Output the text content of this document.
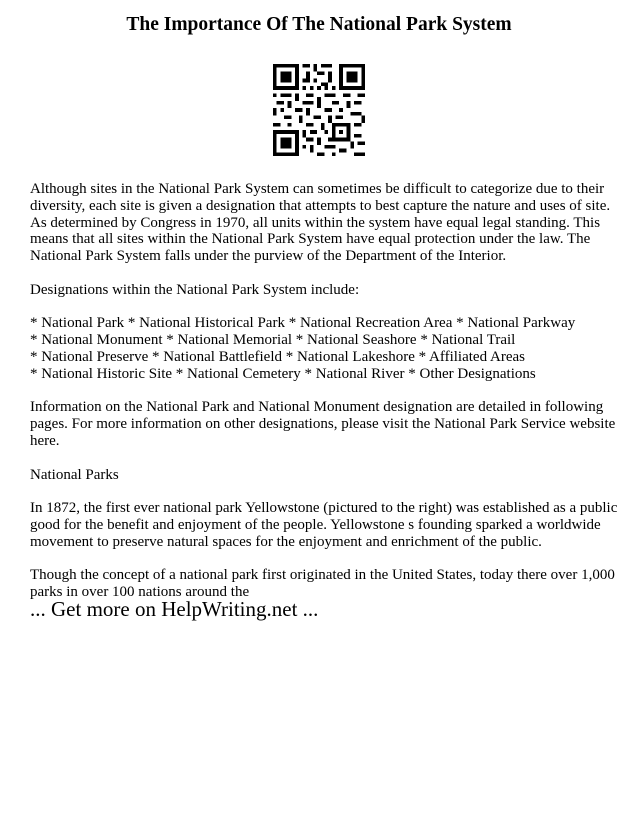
The Importance Of The National Park System

Although sites in the National Park System can sometimes be difficult to categorize due to their diversity, each site is given a designation that attempts to best capture the nature and uses of site. As determined by Congress in 1970, all units within the system have equal legal standing. This means that all sites within the National Park System have equal protection under the law. The National Park System falls under the purview of the Department of the Interior.

Designations within the National Park System include:

* National Park * National Historical Park * National Recreation Area * National Parkway
* National Monument * National Memorial * National Seashore * National Trail
* National Preserve * National Battlefield * National Lakeshore * Affiliated Areas
* National Historic Site * National Cemetery * National River * Other Designations

Information on the National Park and National Monument designation are detailed in following pages. For more information on other designations, please visit the National Park Service website here.

National Parks

In 1872, the first ever national park Yellowstone (pictured to the right) was established as a public good for the benefit and enjoyment of the people. Yellowstone s founding sparked a worldwide movement to preserve natural spaces for the enjoyment and enrichment of the public.

Though the concept of a national park first originated in the United States, today there over 1,000 parks in over 100 nations around the

... Get more on HelpWriting.net ...
